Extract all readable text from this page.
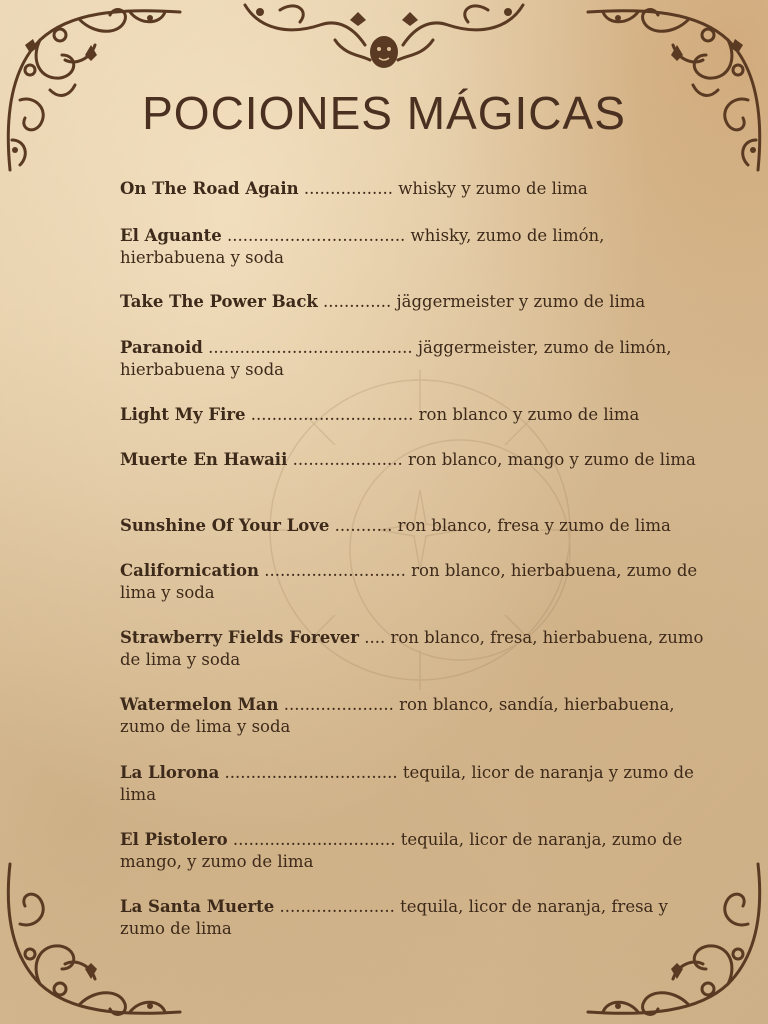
POCIONES MÁGICAS
On The Road Again ................. whisky y zumo de lima
El Aguante .................................. whisky, zumo de limón, hierbabuena y soda
Take The Power Back ............. jäggermeister y zumo de lima
Paranoid ....................................... jäggermeister, zumo de limón, hierbabuena y soda
Light My Fire ............................... ron blanco y zumo de lima
Muerte En Hawaii ..................... ron blanco, mango y zumo de lima
Sunshine Of Your Love ........... ron blanco, fresa y zumo de lima
Californication ........................... ron blanco, hierbabuena, zumo de lima y soda
Strawberry Fields Forever .... ron blanco, fresa, hierbabuena, zumo de lima y soda
Watermelon Man ..................... ron blanco, sandía, hierbabuena, zumo de lima y soda
La Llorona ................................. tequila, licor de naranja y zumo de lima
El Pistolero ............................... tequila, licor de naranja, zumo de mango, y zumo de lima
La Santa Muerte ...................... tequila, licor de naranja, fresa y zumo de lima
